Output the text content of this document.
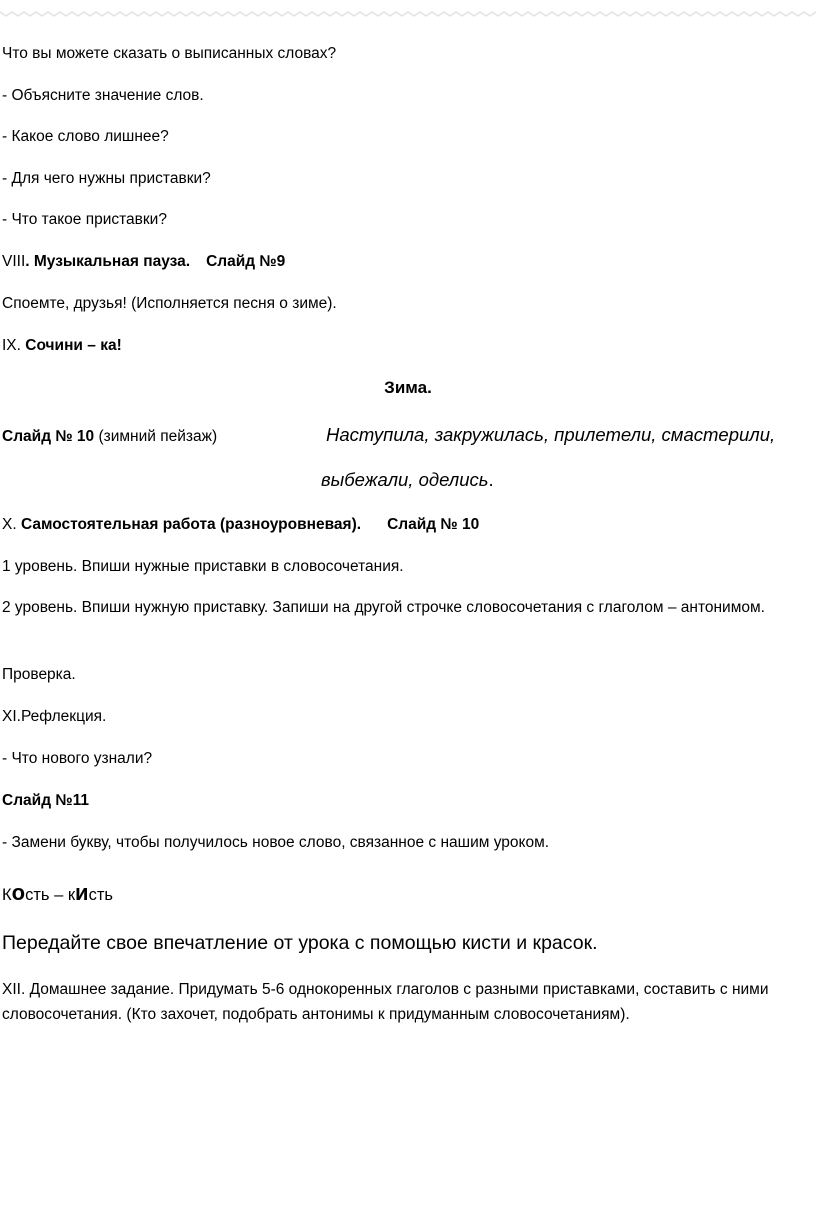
Что вы можете сказать о выписанных словах?
- Объясните значение слов.
- Какое слово лишнее?
- Для чего нужны приставки?
- Что такое приставки?
VIII. Музыкальная пауза. Слайд №9
Споемте, друзья! (Исполняется песня о зиме).
IX. Сочини – ка!
Зима.
Слайд № 10 (зимний пейзаж)	Наступила, закружилась, прилетели, смастерили,
выбежали, оделись.
X. Самостоятельная работа (разноуровневая). Слайд № 10
1 уровень. Впиши нужные приставки в словосочетания.
2 уровень. Впиши нужную приставку. Запиши на другой строчке словосочетания с глаголом – антонимом.
Проверка.
XI.Рефлекция.
- Что нового узнали?
Слайд №11
- Замени букву, чтобы получилось новое слово, связанное с нашим уроком.
Кость – кисть
Передайте свое впечатление от урока с помощью кисти и красок.
XII. Домашнее задание. Придумать 5-6 однокоренных глаголов с разными приставками, составить с ними словосочетания. (Кто захочет, подобрать антонимы к придуманным словосочетаниям).
